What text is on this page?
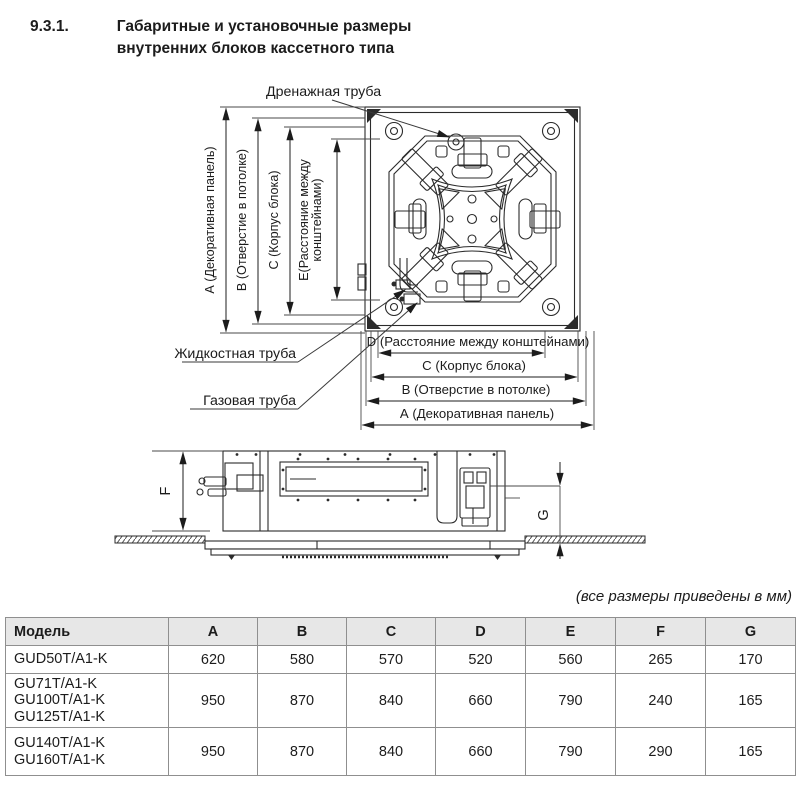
9.3.1.	Габаритные и установочные размеры
внутренних блоков кассетного типа
А (Декоративная панель) В (Отверстие в потолке) С (Корпус блока) Е(Расстояние между конштейнами)
D (Расстояние между конштейнами)
С (Корпус блока)
В (Отверстие в потолке)
А (Декоративная панель)
Дренажная труба
Жидкостная труба
Газовая труба
F
G
(все размеры приведены в мм)
Модель	A	B	C	D	E	F	G

GUD50T/A1-K	620	580	570	520	560	265	170

GU71T/A1-K
GU100T/A1-K
GU125T/A1-K	950	870	840	660	790	240	165

GU140T/A1-K
GU160T/A1-K	950	870	840	660	790	290	165
